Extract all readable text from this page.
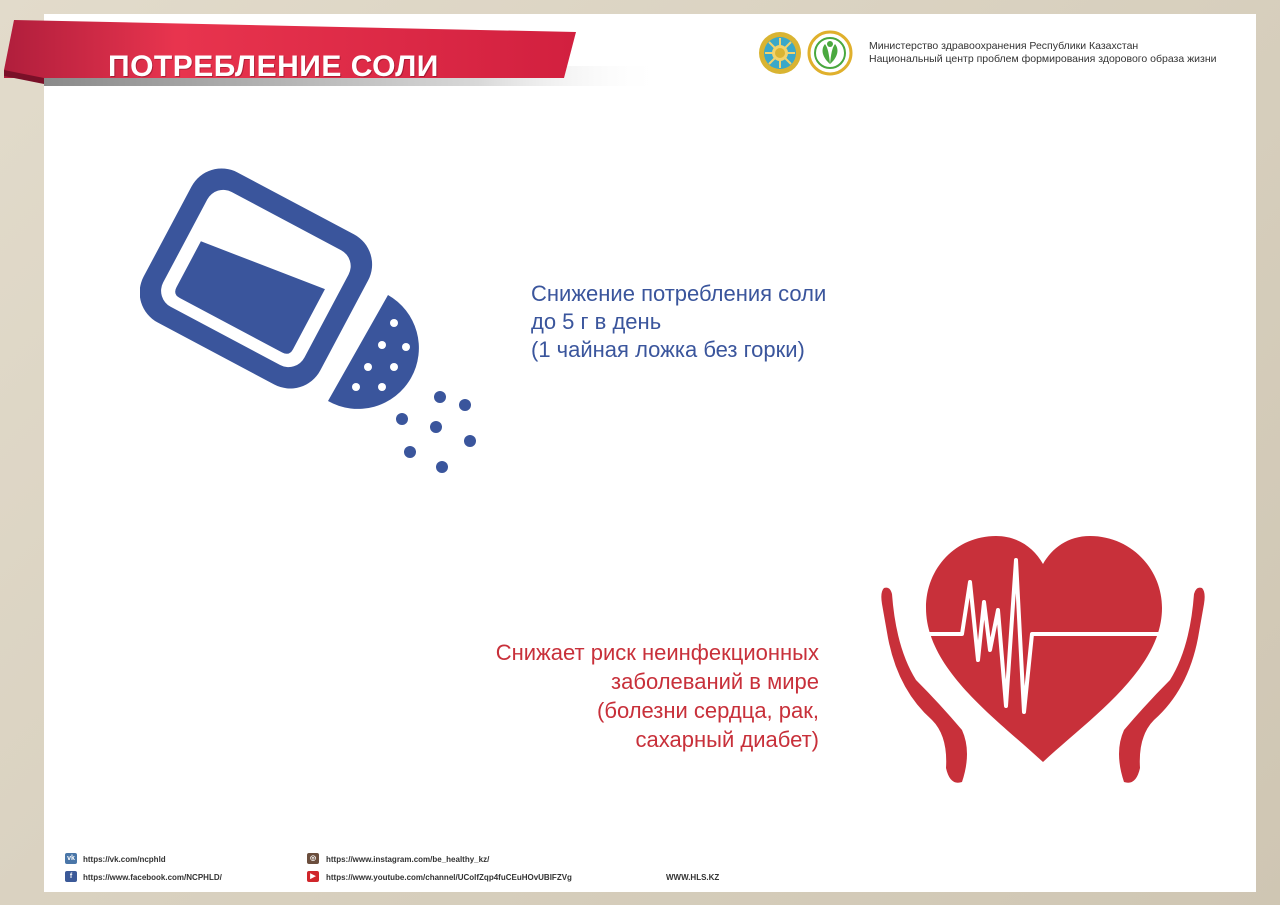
ПОТРЕБЛЕНИЕ СОЛИ
Министерство здравоохранения Республики Казахстан
Национальный центр проблем формирования здорового образа жизни
Снижение потребления соли
до 5 г в день
(1 чайная ложка без горки)
Снижает риск неинфекционных
заболеваний в мире
(болезни сердца, рак,
сахарный диабет)
vk https://vk.com/ncphld
f	https://www.facebook.com/NCPHLD/
◎	https://www.instagram.com/be_healthy_kz/
▶	https://www.youtube.com/channel/UColfZqp4fuCEuHOvUBIFZVg	WWW.HLS.KZ
